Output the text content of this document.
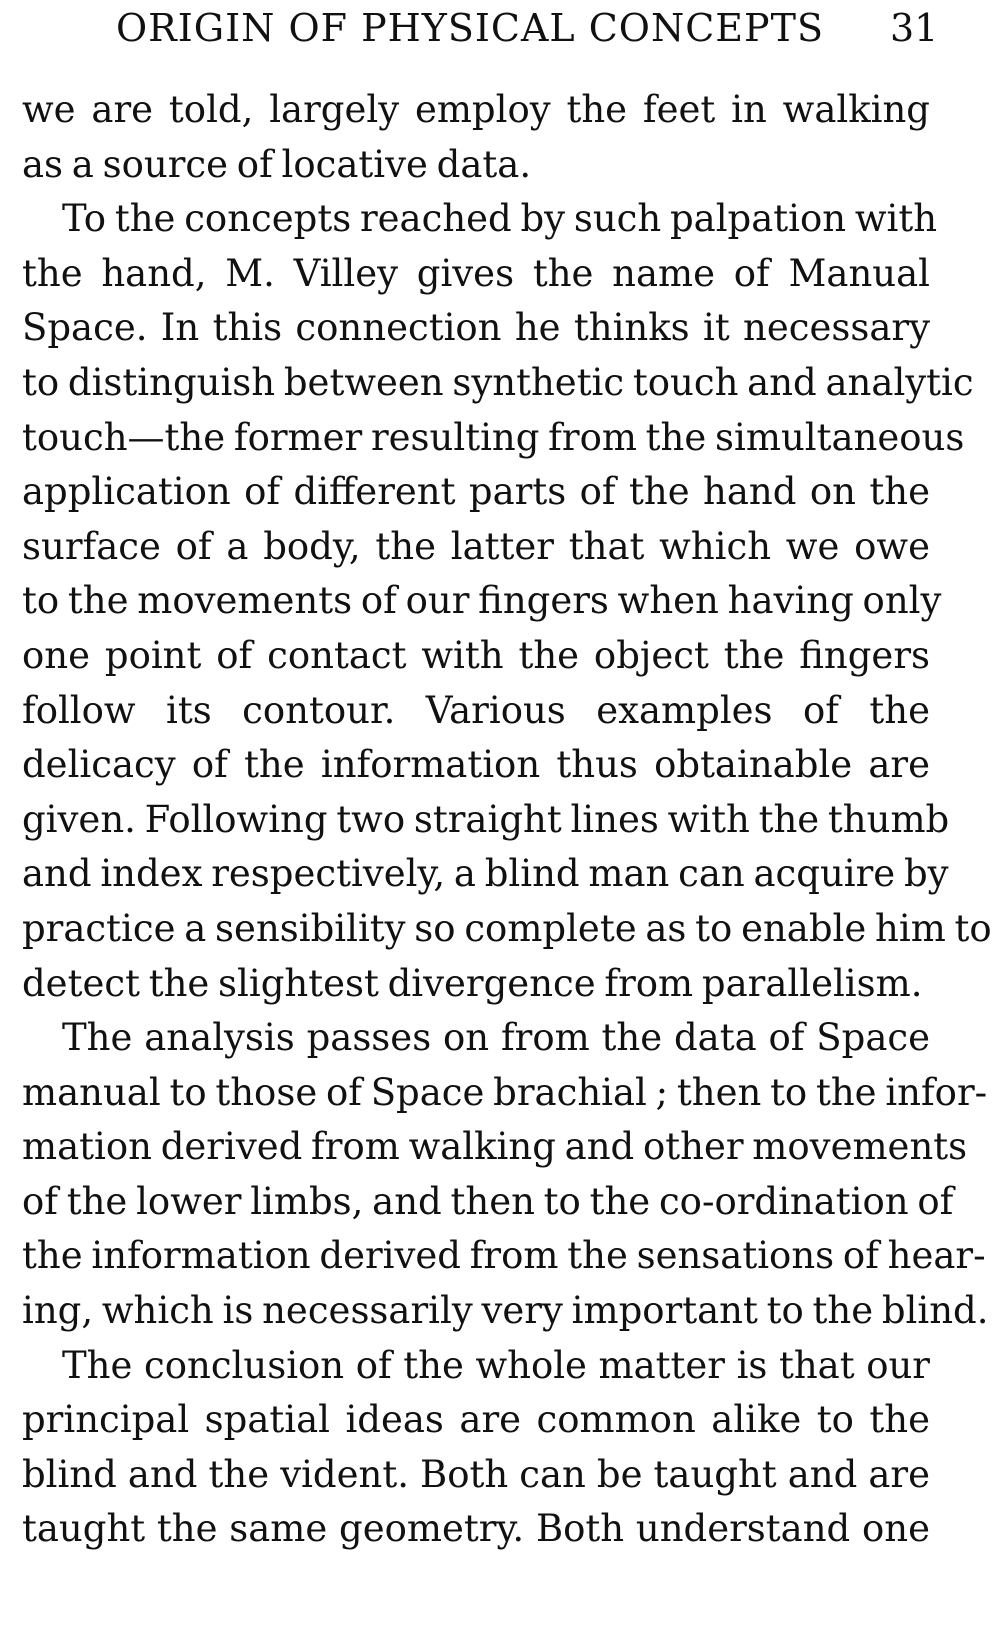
ORIGIN OF PHYSICAL CONCEPTS 31
we are told, largely employ the feet in walking
as a source of locative data.
To the concepts reached by such palpation with
the hand, M. Villey gives the name of Manual
Space. In this connection he thinks it necessary
to distinguish between synthetic touch and analytic
touch—the former resulting from the simultaneous
application of different parts of the hand on the
surface of a body, the latter that which we owe
to the movements of our fingers when having only
one point of contact with the object the fingers
follow its contour. Various examples of the
delicacy of the information thus obtainable are
given. Following two straight lines with the thumb
and index respectively, a blind man can acquire by
practice a sensibility so complete as to enable him to
detect the slightest divergence from parallelism.
The analysis passes on from the data of Space
manual to those of Space brachial ; then to the infor-
mation derived from walking and other movements
of the lower limbs, and then to the co-ordination of
the information derived from the sensations of hear-
ing, which is necessarily very important to the blind.
The conclusion of the whole matter is that our
principal spatial ideas are common alike to the
blind and the vident. Both can be taught and are
taught the same geometry. Both understand one
